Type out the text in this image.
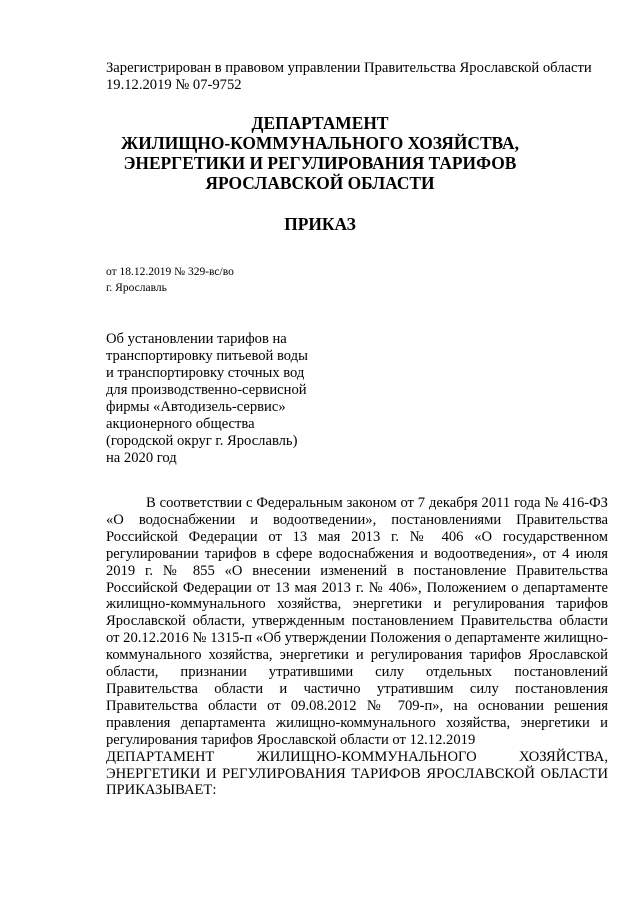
Зарегистрирован в правовом управлении Правительства Ярославской области
19.12.2019 № 07-9752
ДЕПАРТАМЕНТ
ЖИЛИЩНО-КОММУНАЛЬНОГО ХОЗЯЙСТВА,
ЭНЕРГЕТИКИ И РЕГУЛИРОВАНИЯ ТАРИФОВ
ЯРОСЛАВСКОЙ ОБЛАСТИ
ПРИКАЗ
от 18.12.2019 № 329-вс/во
г. Ярославль
Об установлении тарифов на
транспортировку питьевой воды
и транспортировку сточных вод
для производственно-сервисной
фирмы «Автодизель-сервис»
акционерного общества
(городской округ г. Ярославль)
на 2020 год

В соответствии с Федеральным законом от 7 декабря 2011 года № 416-ФЗ «О водоснабжении и водоотведении», постановлениями Правительства Российской Федерации от 13 мая 2013 г. № 406 «О государственном регулировании тарифов в сфере водоснабжения и водоотведения», от 4 июля 2019 г. № 855 «О внесении изменений в постановление Правительства Российской Федерации от 13 мая 2013 г. № 406», Положением о департаменте жилищно-коммунального хозяйства, энергетики и регулирования тарифов Ярославской области, утвержденным постановлением Правительства области от 20.12.2016 № 1315-п «Об утверждении Положения о департаменте жилищно-коммунального хозяйства, энергетики и регулирования тарифов Ярославской области, признании утратившими силу отдельных постановлений Правительства области и частично утратившим силу постановления Правительства области от 09.08.2012 № 709-п», на основании решения правления департамента жилищно-коммунального хозяйства, энергетики и регулирования тарифов Ярославской области от 12.12.2019

ДЕПАРТАМЕНТ ЖИЛИЩНО-КОММУНАЛЬНОГО ХОЗЯЙСТВА, ЭНЕРГЕТИКИ И РЕГУЛИРОВАНИЯ ТАРИФОВ ЯРОСЛАВСКОЙ ОБЛАСТИ ПРИКАЗЫВАЕТ:
